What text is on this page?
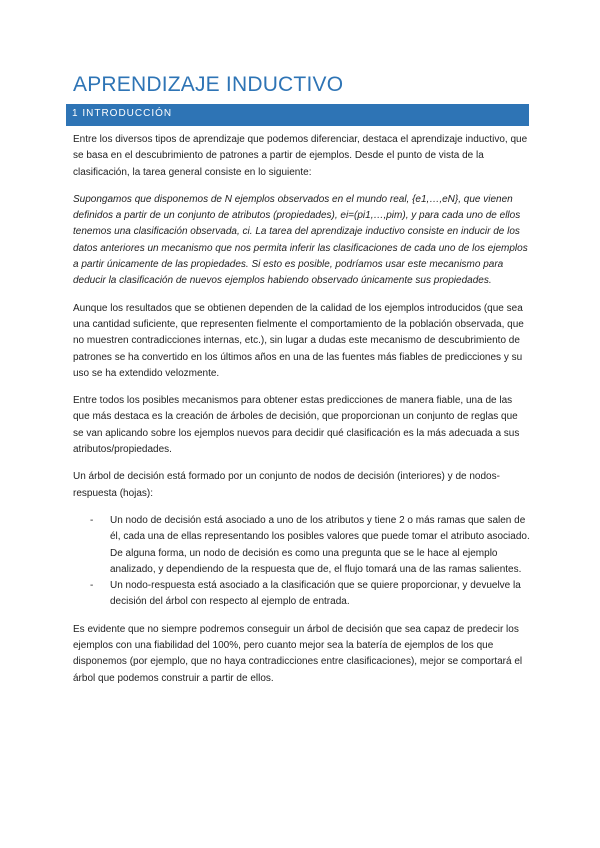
APRENDIZAJE INDUCTIVO
1 INTRODUCCIÓN

Entre los diversos tipos de aprendizaje que podemos diferenciar, destaca el aprendizaje inductivo, que se basa en el descubrimiento de patrones a partir de ejemplos. Desde el punto de vista de la clasificación, la tarea general consiste en lo siguiente:

Supongamos que disponemos de N ejemplos observados en el mundo real, {e1,…,eN}, que vienen definidos a partir de un conjunto de atributos (propiedades), ei=(pi1,…,pim), y para cada uno de ellos tenemos una clasificación observada, ci. La tarea del aprendizaje inductivo consiste en inducir de los datos anteriores un mecanismo que nos permita inferir las clasificaciones de cada uno de los ejemplos a partir únicamente de las propiedades. Si esto es posible, podríamos usar este mecanismo para deducir la clasificación de nuevos ejemplos habiendo observado únicamente sus propiedades.

Aunque los resultados que se obtienen dependen de la calidad de los ejemplos introducidos (que sea una cantidad suficiente, que representen fielmente el comportamiento de la población observada, que no muestren contradicciones internas, etc.), sin lugar a dudas este mecanismo de descubrimiento de patrones se ha convertido en los últimos años en una de las fuentes más fiables de predicciones y su uso se ha extendido velozmente.

Entre todos los posibles mecanismos para obtener estas predicciones de manera fiable, una de las que más destaca es la creación de árboles de decisión, que proporcionan un conjunto de reglas que se van aplicando sobre los ejemplos nuevos para decidir qué clasificación es la más adecuada a sus atributos/propiedades.

Un árbol de decisión está formado por un conjunto de nodos de decisión (interiores) y de nodos-respuesta (hojas):

- Un nodo de decisión está asociado a uno de los atributos y tiene 2 o más ramas que salen de él, cada una de ellas representando los posibles valores que puede tomar el atributo asociado. De alguna forma, un nodo de decisión es como una pregunta que se le hace al ejemplo analizado, y dependiendo de la respuesta que de, el flujo tomará una de las ramas salientes.
- Un nodo-respuesta está asociado a la clasificación que se quiere proporcionar, y devuelve la decisión del árbol con respecto al ejemplo de entrada.

Es evidente que no siempre podremos conseguir un árbol de decisión que sea capaz de predecir los ejemplos con una fiabilidad del 100%, pero cuanto mejor sea la batería de ejemplos de los que disponemos (por ejemplo, que no haya contradicciones entre clasificaciones), mejor se comportará el árbol que podemos construir a partir de ellos.
